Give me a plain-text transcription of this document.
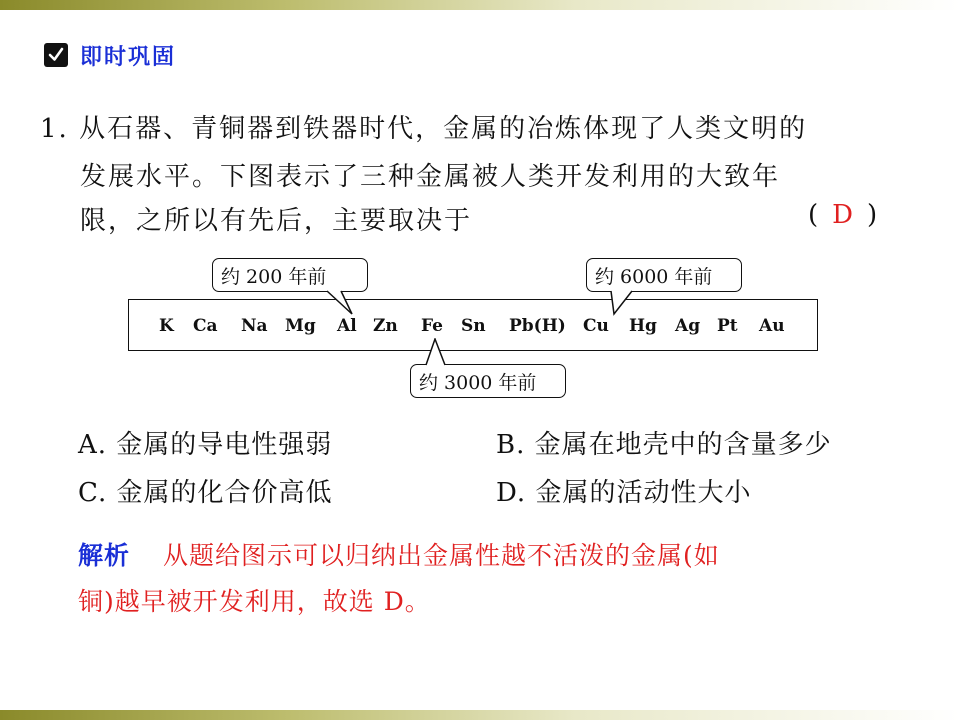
即时巩固
1. 从石器、青铜器到铁器时代，金属的冶炼体现了人类文明的
发展水平。下图表示了三种金属被人类开发利用的大致年
限，之所以有先后，主要取决于	( D )
K Ca Na Mg Al Zn Fe Sn Pb(H) Cu Hg Ag Pt Au
约 200 年前	约 6000 年前
约 3000 年前
A. 金属的导电性强弱	B. 金属在地壳中的含量多少
C. 金属的化合价高低	D. 金属的活动性大小
解析 从题给图示可以归纳出金属性越不活泼的金属(如
铜)越早被开发利用，故选 D。
